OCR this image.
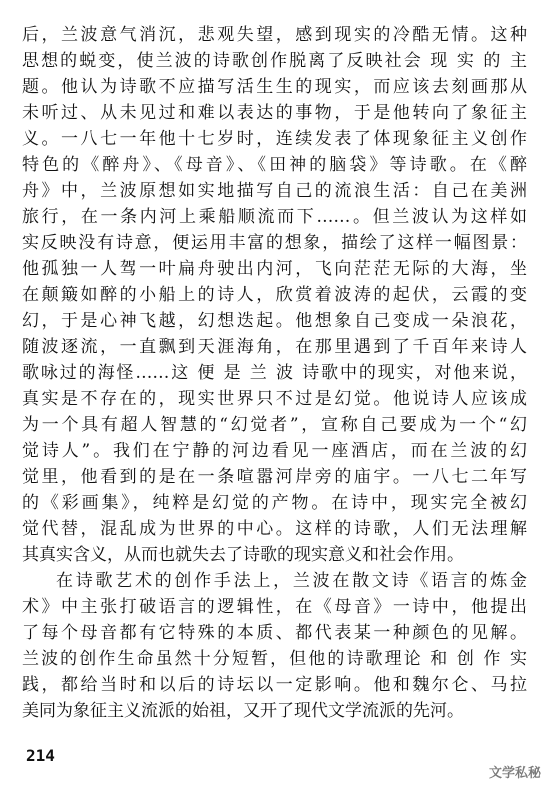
后，兰波意气消沉，悲观失望，感到现实的冷酷无情。这种
思想的蜕变，使兰波的诗歌创作脱离了反映社会 现 实 的 主
题。他认为诗歌不应描写活生生的现实，而应该去刻画那从
未听过、从未见过和难以表达的事物，于是他转向了象征主
义。一八七一年他十七岁时，连续发表了体现象征主义创作
特色的《醉舟》、《母音》、《田神的脑袋》等诗歌。在《醉
舟》中，兰波原想如实地描写自己的流浪生活：自己在美洲
旅行，在一条内河上乘船顺流而下……。但兰波认为这样如
实反映没有诗意，便运用丰富的想象，描绘了这样一幅图景：
他孤独一人驾一叶扁舟驶出内河，飞向茫茫无际的大海，坐
在颠簸如醉的小船上的诗人，欣赏着波涛的起伏，云霞的变
幻，于是心神飞越，幻想迭起。他想象自己变成一朵浪花，
随波逐流，一直飘到天涯海角，在那里遇到了千百年来诗人
歌咏过的海怪……这 便 是 兰 波 诗歌中的现实，对他来说，
真实是不存在的，现实世界只不过是幻觉。他说诗人应该成
为一个具有超人智慧的“幻觉者”，宣称自己要成为一个“幻
觉诗人”。我们在宁静的河边看见一座酒店，而在兰波的幻
觉里，他看到的是在一条喧嚣河岸旁的庙宇。一八七二年写
的《彩画集》，纯粹是幻觉的产物。在诗中，现实完全被幻
觉代替，混乱成为世界的中心。这样的诗歌，人们无法理解
其真实含义，从而也就失去了诗歌的现实意义和社会作用。
在诗歌艺术的创作手法上，兰波在散文诗《语言的炼金
术》中主张打破语言的逻辑性，在《母音》一诗中，他提出
了每个母音都有它特殊的本质、都代表某一种颜色的见解。
兰波的创作生命虽然十分短暂，但他的诗歌理论 和 创 作 实
214
文学私秘
践，都给当时和以后的诗坛以一定影响。他和魏尔仑、马拉
美同为象征主义流派的始祖，又开了现代文学流派的先河。
